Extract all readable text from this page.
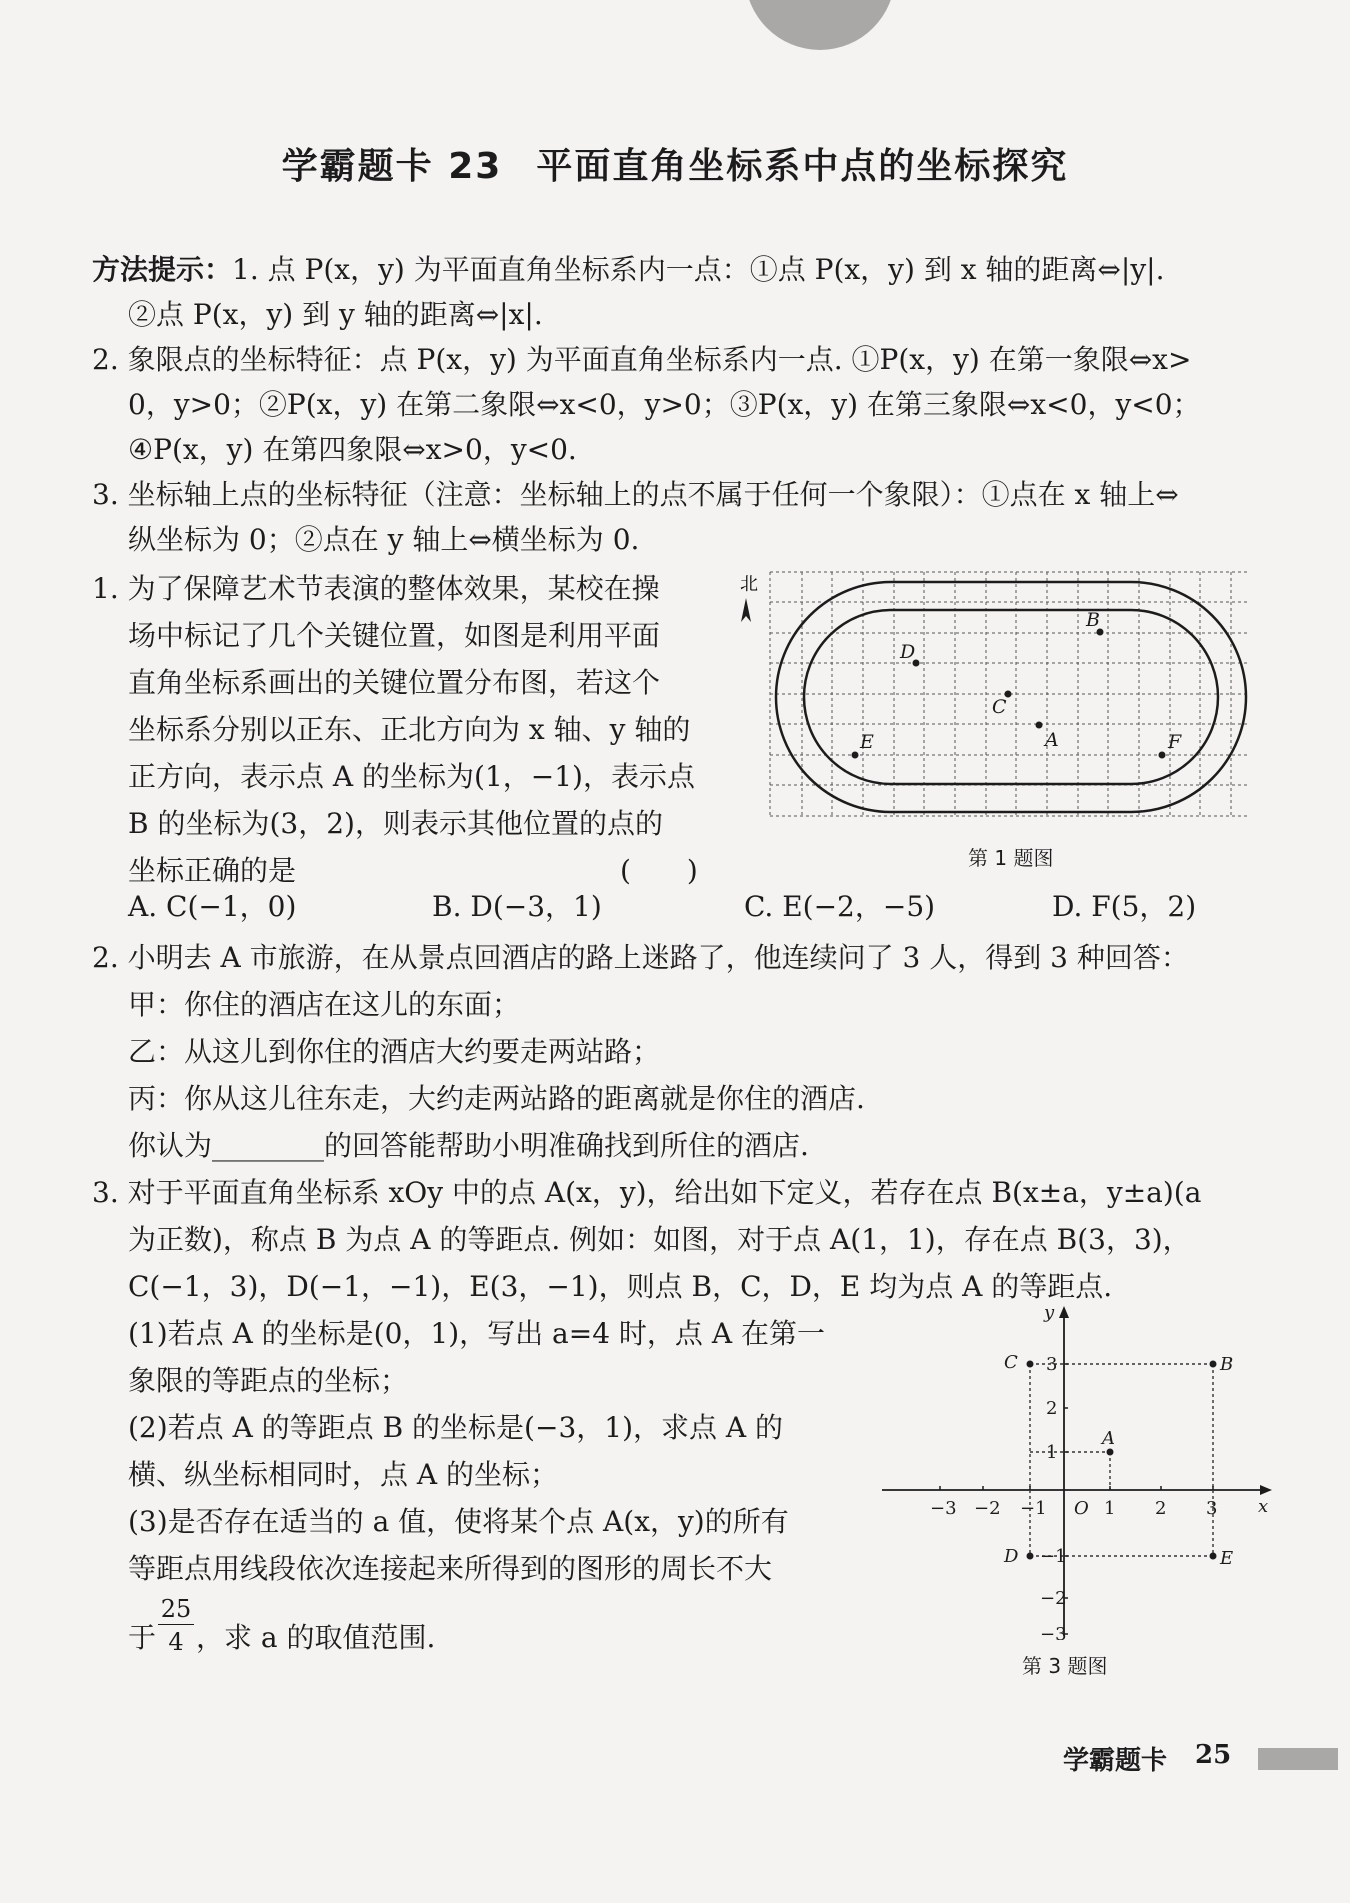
学霸题卡 23 平面直角坐标系中点的坐标探究
方法提示：1. 点 P(x，y) 为平面直角坐标系内一点：①点 P(x，y) 到 x 轴的距离⇔|y|.
②点 P(x，y) 到 y 轴的距离⇔|x|.
2. 象限点的坐标特征：点 P(x，y) 为平面直角坐标系内一点. ①P(x，y) 在第一象限⇔x>
0，y>0；②P(x，y) 在第二象限⇔x<0，y>0；③P(x，y) 在第三象限⇔x<0，y<0；
④P(x，y) 在第四象限⇔x>0，y<0.
3. 坐标轴上点的坐标特征（注意：坐标轴上的点不属于任何一个象限）：①点在 x 轴上⇔
纵坐标为 0；②点在 y 轴上⇔横坐标为 0.
1. 为了保障艺术节表演的整体效果，某校在操
场中标记了几个关键位置，如图是利用平面
直角坐标系画出的关键位置分布图，若这个
坐标系分别以正东、正北方向为 x 轴、y 轴的
正方向，表示点 A 的坐标为(1，−1)，表示点
B 的坐标为(3，2)，则表示其他位置的点的
坐标正确的是	(　　)
A. C(−1，0)	B. D(−3，1)	C. E(−2，−5)	D. F(5，2)
北
A
B
C
D
E	F
第 1 题图
2. 小明去 A 市旅游，在从景点回酒店的路上迷路了，他连续问了 3 人，得到 3 种回答：
甲：你住的酒店在这儿的东面；
乙：从这儿到你住的酒店大约要走两站路；
丙：你从这儿往东走，大约走两站路的距离就是你住的酒店.
你认为________的回答能帮助小明准确找到所住的酒店.
3. 对于平面直角坐标系 xOy 中的点 A(x，y)，给出如下定义，若存在点 B(x±a，y±a)(a
为正数)，称点 B 为点 A 的等距点. 例如：如图，对于点 A(1，1)，存在点 B(3，3)，
C(−1，3)，D(−1，−1)，E(3，−1)，则点 B，C，D，E 均为点 A 的等距点.
(1)若点 A 的坐标是(0，1)，写出 a=4 时，点 A 在第一
象限的等距点的坐标；
(2)若点 A 的等距点 B 的坐标是(−3，1)，求点 A 的
横、纵坐标相同时，点 A 的坐标；
(3)是否存在适当的 a 值，使将某个点 A(x，y)的所有
等距点用线段依次连接起来所得到的图形的周长不大
于
25
4 ，求 a 的取值范围.
−3 −2 −1	1 2 3
O
3
2
1
−1
−2
−3
x
y
A
B
C
D	E
第 3 题图
学霸题卡 25
